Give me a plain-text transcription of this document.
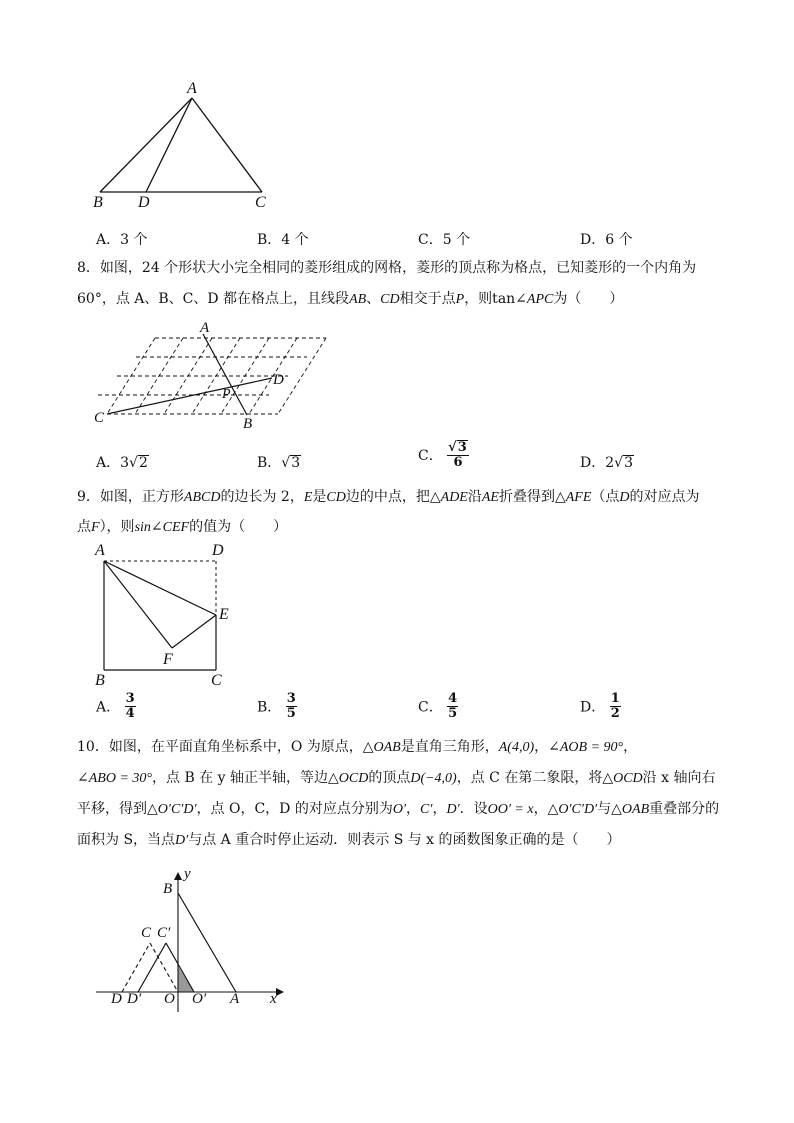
A
B D	C
A．3 个	B．4 个	C．5 个	D．6 个
8．如图，24 个形状大小完全相同的菱形组成的网格，菱形的顶点称为格点，已知菱形的一个内角为
60°，点 A、B、C、D 都在格点上，且线段AB、CD相交于点P，则tan∠APC为（　　）
A
D
P
C	B
A．3√2	B．√3	C． $\frac{√3}{6}$	D．2√3
9．如图，正方形ABCD的边长为 2，E是CD边的中点，把△ADE沿AE折叠得到△AFE（点D的对应点为
点F），则sin∠CEF的值为（　　）
A	D
E
F
B	C
A． $\frac{3}{4}$	B． $\frac{3}{5}$	C． $\frac{4}{5}$	D． $\frac{1}{2}$
10．如图，在平面直角坐标系中，O 为原点，△OAB是直角三角形，A(4,0)，∠AOB = 90°，
∠ABO = 30°，点 B 在 y 轴正半轴，等边△OCD的顶点D(−4,0)，点 C 在第二象限，将△OCD沿 x 轴向右
平移，得到△O′C′D′，点 O，C，D 的对应点分别为O′，C′，D′．设OO′ = x，△O′C′D′与△OAB重叠部分的
面积为 S，当点D′与点 A 重合时停止运动．则表示 S 与 x 的函数图象正确的是（　　）
B
y
C C′
D D′ O O′ A x
